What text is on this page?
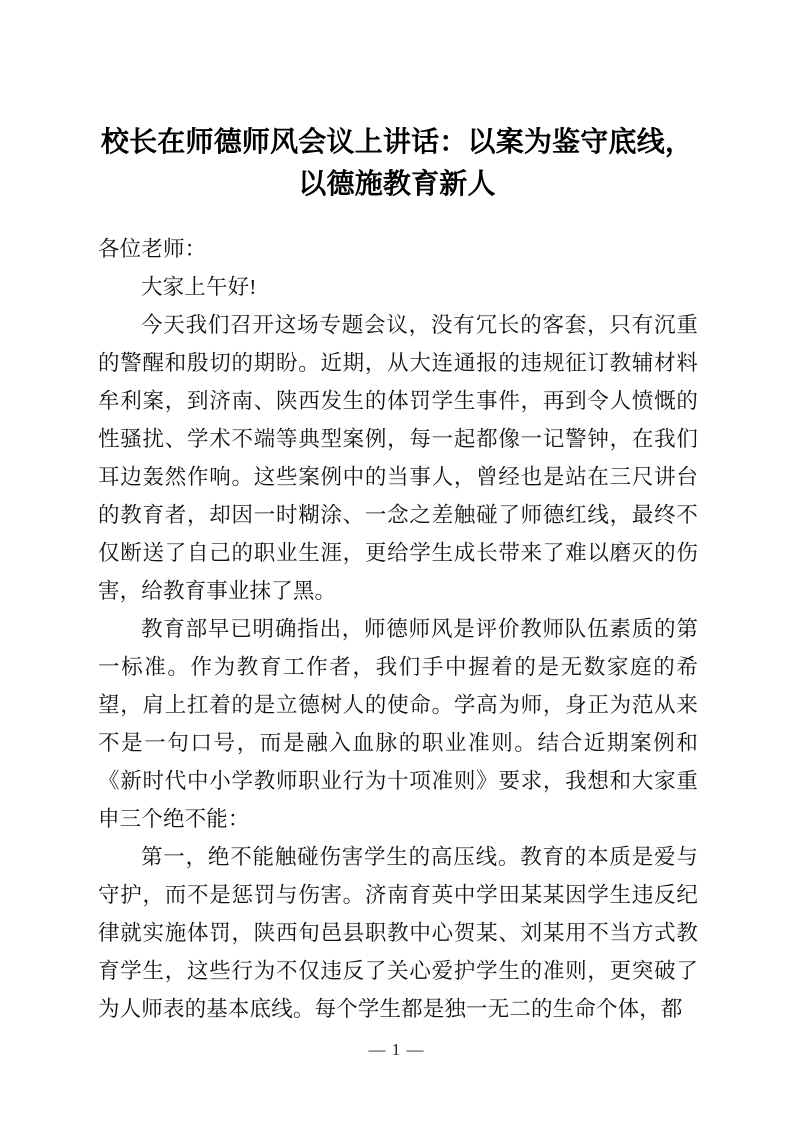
校长在师德师风会议上讲话：以案为鉴守底线，以德施教育新人

各位老师：

大家上午好!

今天我们召开这场专题会议，没有冗长的客套，只有沉重的警醒和殷切的期盼。近期，从大连通报的违规征订教辅材料牟利案，到济南、陕西发生的体罚学生事件，再到令人愤慨的性骚扰、学术不端等典型案例，每一起都像一记警钟，在我们耳边轰然作响。这些案例中的当事人，曾经也是站在三尺讲台的教育者，却因一时糊涂、一念之差触碰了师德红线，最终不仅断送了自己的职业生涯，更给学生成长带来了难以磨灭的伤害，给教育事业抹了黑。

教育部早已明确指出，师德师风是评价教师队伍素质的第一标准。作为教育工作者，我们手中握着的是无数家庭的希望，肩上扛着的是立德树人的使命。学高为师，身正为范从来不是一句口号，而是融入血脉的职业准则。结合近期案例和《新时代中小学教师职业行为十项准则》要求，我想和大家重申三个绝不能：

第一，绝不能触碰伤害学生的高压线。教育的本质是爱与守护，而不是惩罚与伤害。济南育英中学田某某因学生违反纪律就实施体罚，陕西旬邑县职教中心贺某、刘某用不当方式教育学生，这些行为不仅违反了关心爱护学生的准则，更突破了为人师表的基本底线。每个学生都是独一无二的生命个体，都

— 1 —
